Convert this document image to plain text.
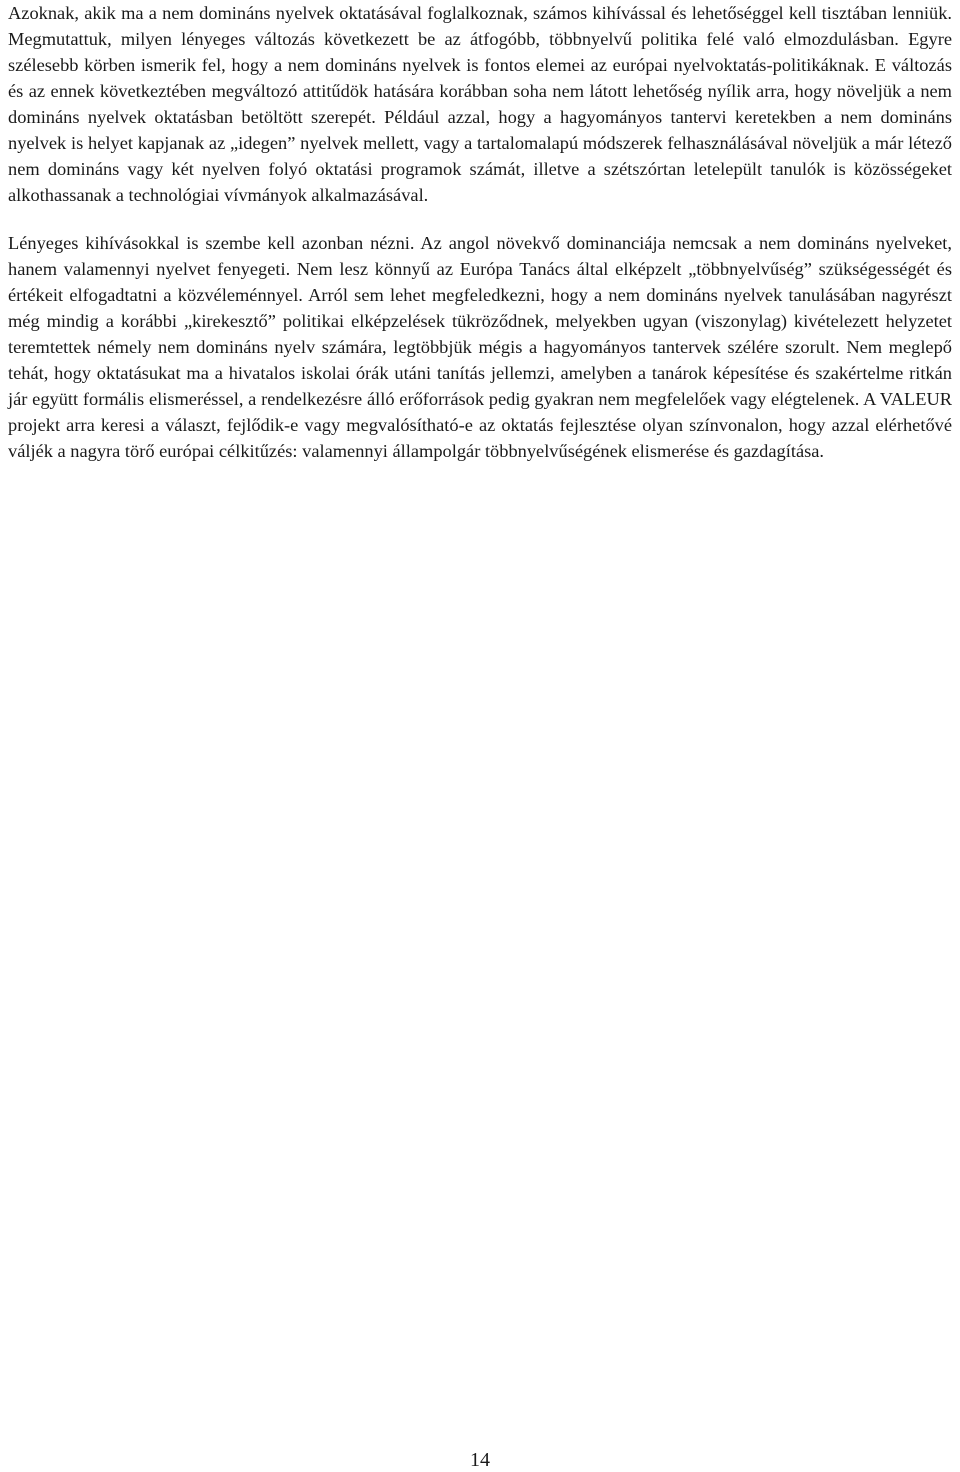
Azoknak, akik ma a nem domináns nyelvek oktatásával foglalkoznak, számos kihívással és lehetőséggel kell tisztában lenniük. Megmutattuk, milyen lényeges változás következett be az átfogóbb, többnyelvű politika felé való elmozdulásban. Egyre szélesebb körben ismerik fel, hogy a nem domináns nyelvek is fontos elemei az európai nyelvoktatás-politikáknak. E változás és az ennek következtében megváltozó attitűdök hatására korábban soha nem látott lehetőség nyílik arra, hogy növeljük a nem domináns nyelvek oktatásban betöltött szerepét. Például azzal, hogy a hagyományos tantervi keretekben a nem domináns nyelvek is helyet kapjanak az „idegen” nyelvek mellett, vagy a tartalomalapú módszerek felhasználásával növeljük a már létező nem domináns vagy két nyelven folyó oktatási programok számát, illetve a szétszórtan letelepült tanulók is közösségeket alkothassanak a technológiai vívmányok alkalmazásával.

Lényeges kihívásokkal is szembe kell azonban nézni. Az angol növekvő dominanciája nemcsak a nem domináns nyelveket, hanem valamennyi nyelvet fenyegeti. Nem lesz könnyű az Európa Tanács által elképzelt „többnyelvűség” szükségességét és értékeit elfogadtatni a közvéleménnyel. Arról sem lehet megfeledkezni, hogy a nem domináns nyelvek tanulásában nagyrészt még mindig a korábbi „kirekesztő” politikai elképzelések tükröződnek, melyekben ugyan (viszonylag) kivételezett helyzetet teremtettek némely nem domináns nyelv számára, legtöbbjük mégis a hagyományos tantervek szélére szorult. Nem meglepő tehát, hogy oktatásukat ma a hivatalos iskolai órák utáni tanítás jellemzi, amelyben a tanárok képesítése és szakértelme ritkán jár együtt formális elismeréssel, a rendelkezésre álló erőforrások pedig gyakran nem megfelelőek vagy elégtelenek. A VALEUR projekt arra keresi a választ, fejlődik-e vagy megvalósítható-e az oktatás fejlesztése olyan színvonalon, hogy azzal elérhetővé váljék a nagyra törő európai célkitűzés: valamennyi állampolgár többnyelvűségének elismerése és gazdagítása.

14
